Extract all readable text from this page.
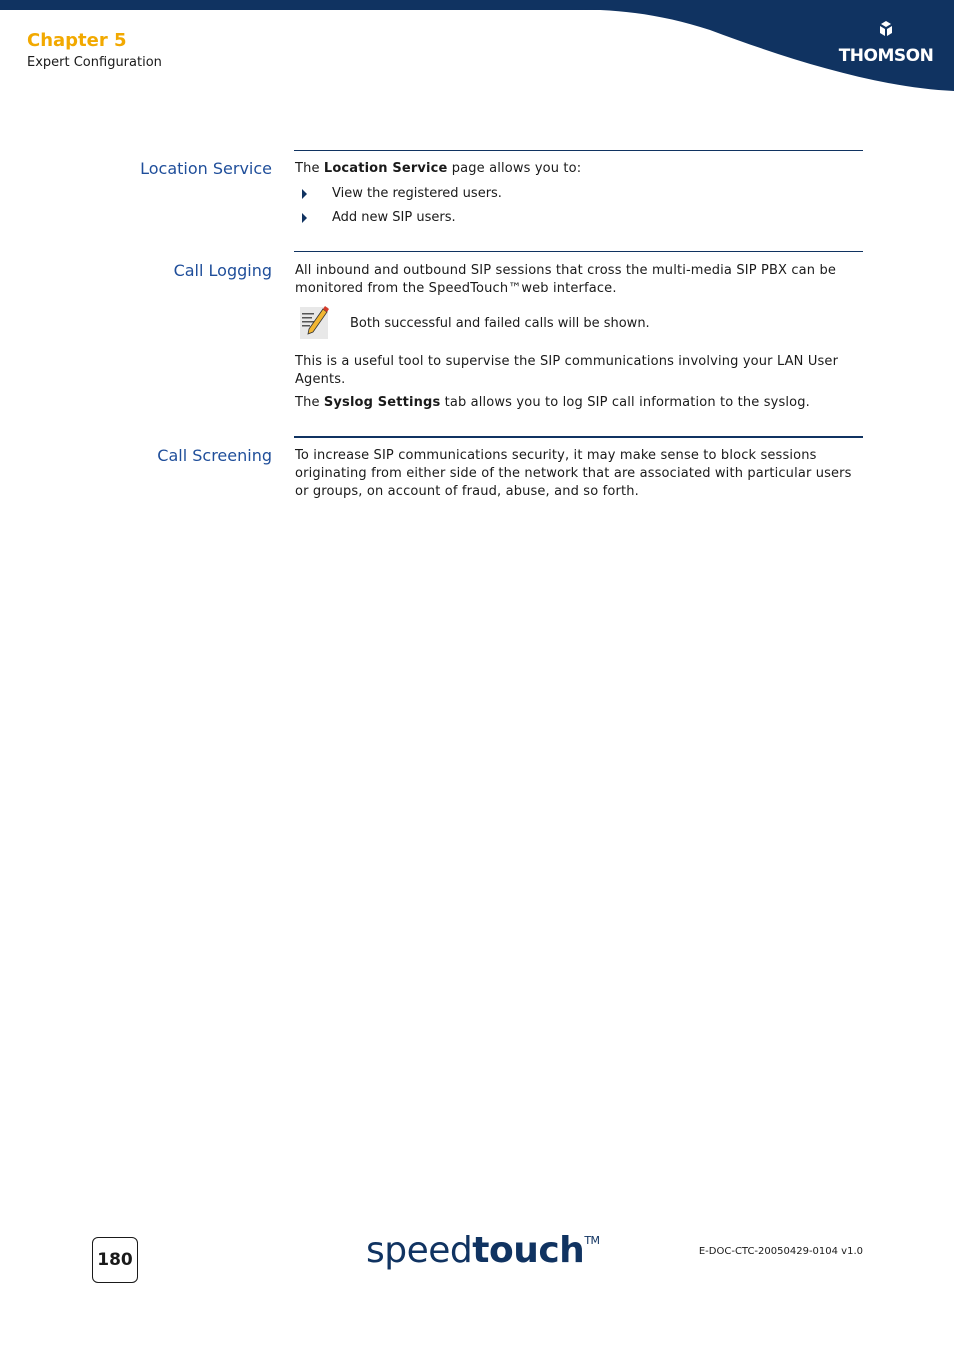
Chapter 5
Expert Configuration	THOMSON
Location Service The Location Service page allows you to:
View the registered users.
Add new SIP users.
Call Logging All inbound and outbound SIP sessions that cross the multi-media SIP PBX can be monitored from the SpeedTouch™web interface.
Both successful and failed calls will be shown.
This is a useful tool to supervise the SIP communications involving your LAN User Agents.
The Syslog Settings tab allows you to log SIP call information to the syslog.
Call Screening To increase SIP communications security, it may make sense to block sessions originating from either side of the network that are associated with particular users or groups, on account of fraud, abuse, and so forth.
180	speedtouch™
E-DOC-CTC-20050429-0104 v1.0
